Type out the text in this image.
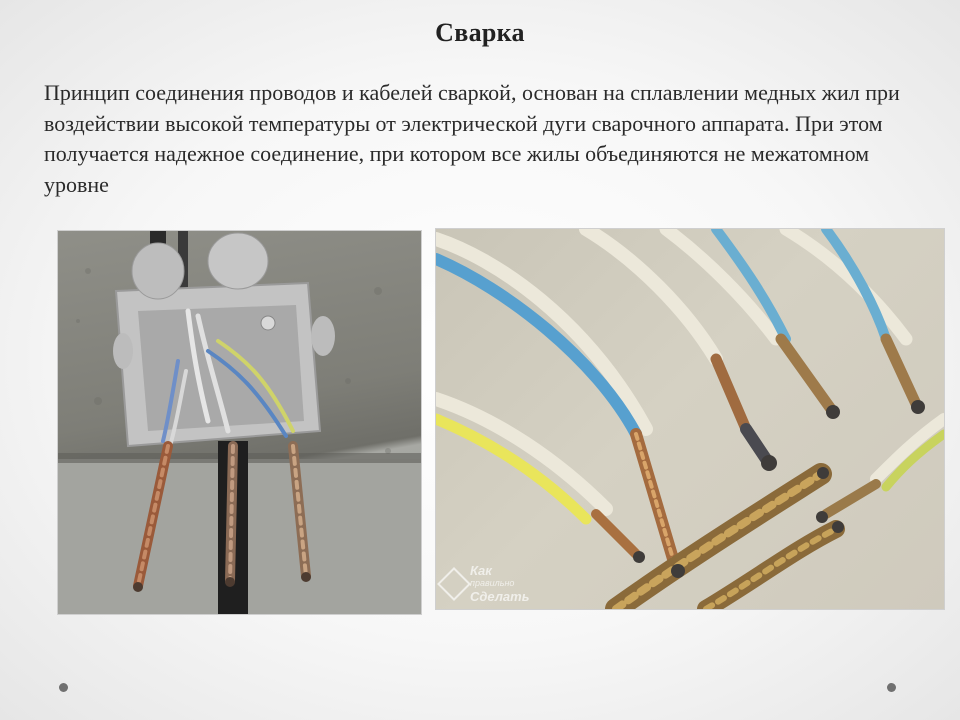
Сварка
Принцип соединения проводов и кабелей сваркой, основан на сплавлении медных жил при воздействии высокой температуры от электрической дуги сварочного аппарата. При этом получается надежное соединение, при котором все жилы объединяются не межатомном уровне
Как
правильно
Сделать
